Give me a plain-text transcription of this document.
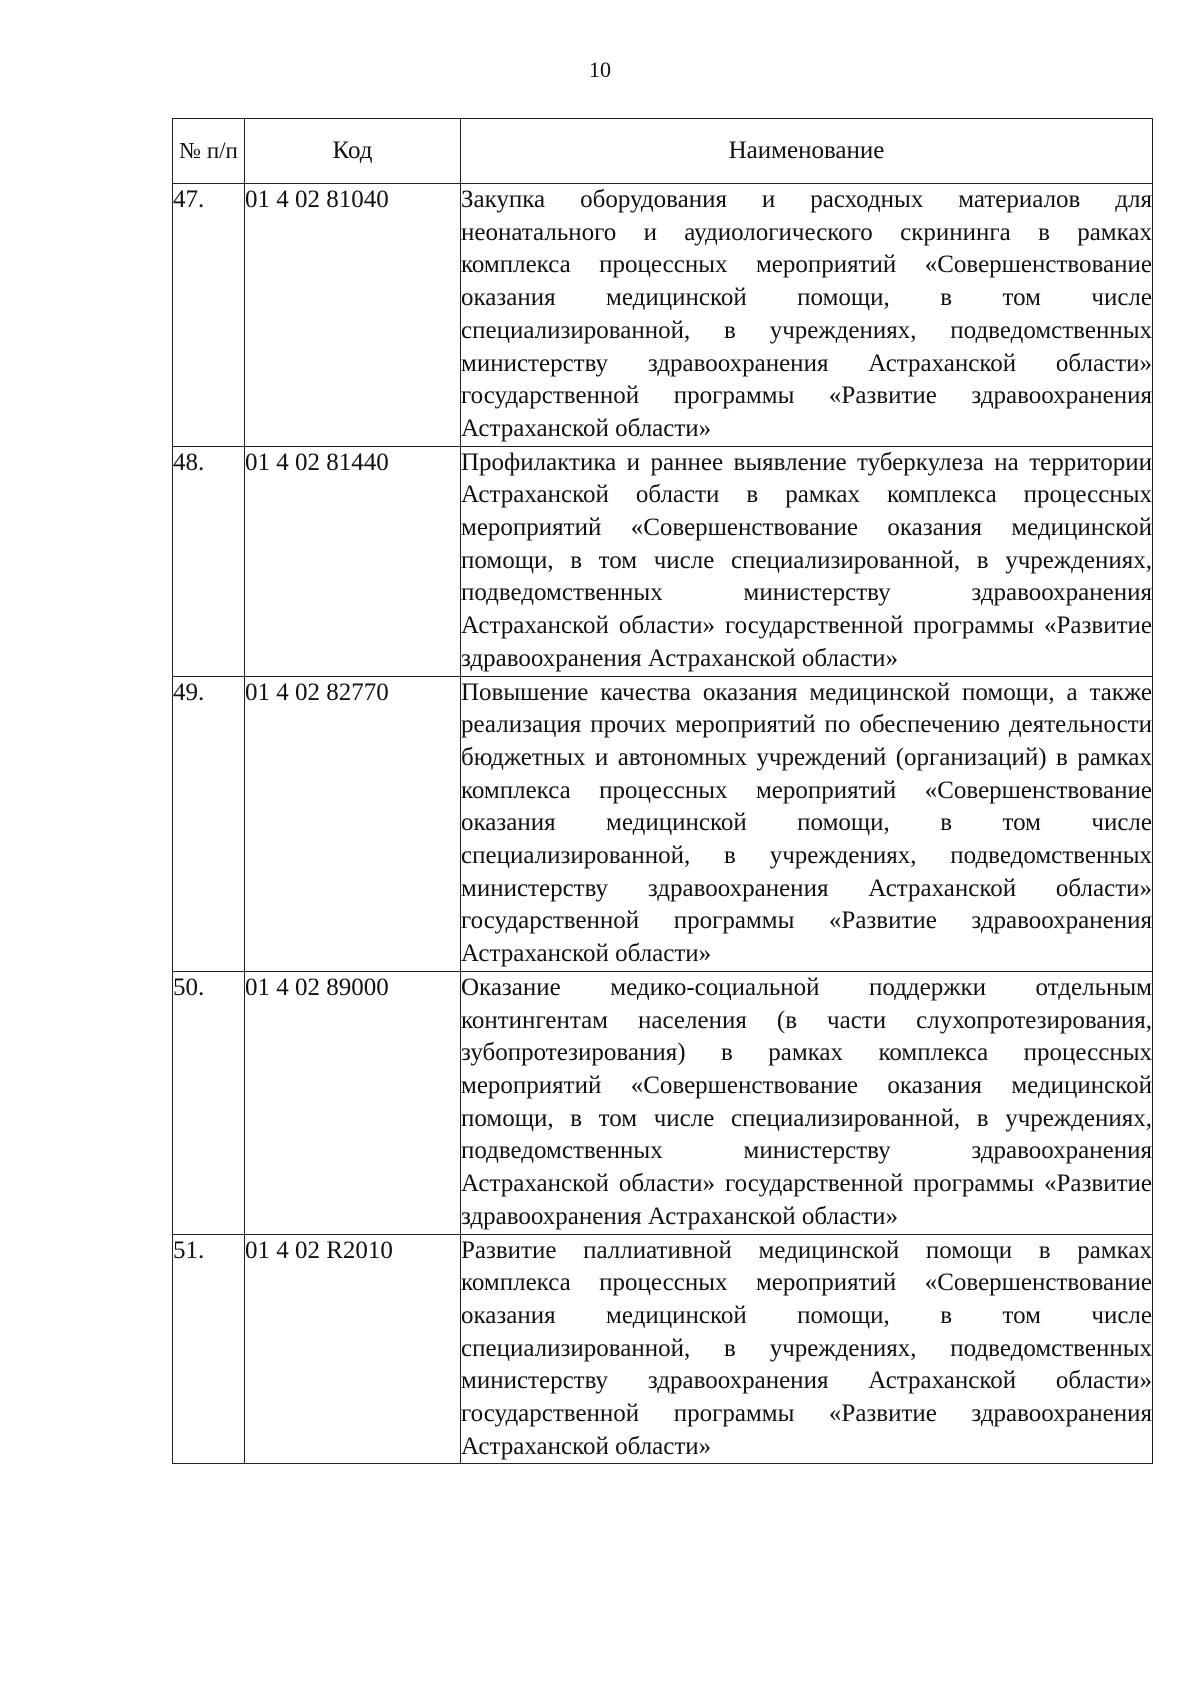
10
№ п/п	Код	Наименование
47.	01 4 02 81040	Закупка оборудования и расходных материалов для неонатального и аудиологического скрининга в рамках комплекса процессных мероприятий «Совершенствование оказания медицинской помощи, в том числе специализированной, в учреждениях, подведомственных министерству здравоохранения Астраханской области» государственной программы «Развитие здравоохранения Астраханской области»
48.	01 4 02 81440	Профилактика и раннее выявление туберкулеза на территории Астраханской области в рамках комплекса процессных мероприятий «Совершенствование оказания медицинской помощи, в том числе специализированной, в учреждениях, подведомственных министерству здравоохранения Астраханской области» государственной программы «Развитие здравоохранения Астраханской области»
49.	01 4 02 82770	Повышение качества оказания медицинской помощи, а также реализация прочих мероприятий по обеспечению деятельности бюджетных и автономных учреждений (организаций) в рамках комплекса процессных мероприятий «Совершенствование оказания медицинской помощи, в том числе специализированной, в учреждениях, подведомственных министерству здравоохранения Астраханской области» государственной программы «Развитие здравоохранения Астраханской области»
50.	01 4 02 89000	Оказание медико-социальной поддержки отдельным контингентам населения (в части слухопротезирования, зубопротезирования) в рамках комплекса процессных мероприятий «Совершенствование оказания медицинской помощи, в том числе специализированной, в учреждениях, подведомственных министерству здравоохранения Астраханской области» государственной программы «Развитие здравоохранения Астраханской области»
51.	01 4 02 R2010	Развитие паллиативной медицинской помощи в рамках комплекса процессных мероприятий «Совершенствование оказания медицинской помощи, в том числе специализированной, в учреждениях, подведомственных министерству здравоохранения Астраханской области» государственной программы «Развитие здравоохранения Астраханской области»
